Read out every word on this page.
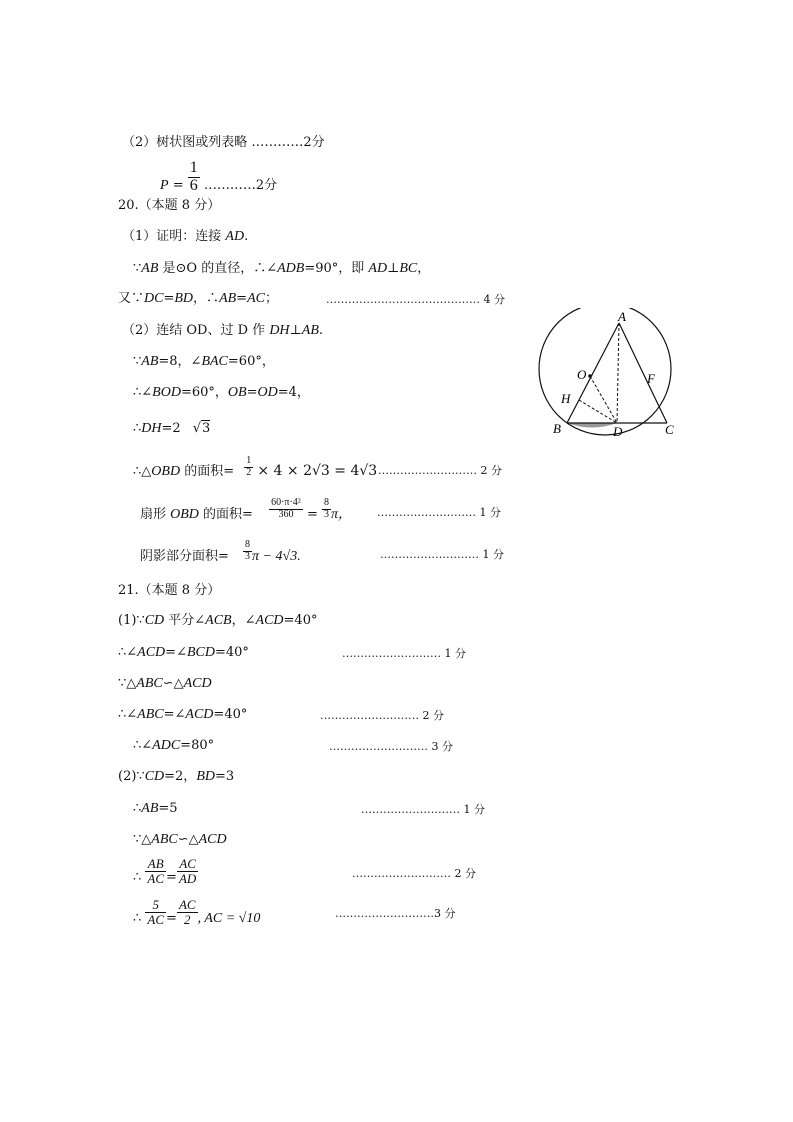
（2）树状图或列表略 …………2分
$P = \frac{1}{6}$ …………2分
20.（本题 8 分）
（1）证明：连接 AD.
∵AB 是⊙O 的直径，∴∠ADB=90°，即 AD⊥BC，
又∵DC=BD，∴AB=AC；	…………………………………… 4 分
（2）连结 OD、过 D 作 DH⊥AB.
∵AB=8，∠BAC=60°，
∴∠BOD=60°，OB=OD=4，
∴DH=2 √3
∴△OBD 的面积= $\frac{1}{2} \times 4 \times 2√3 = 4√3$ ……………………… 2 分
扇形 OBD 的面积= $\frac{\text{60·π·4²}}{360} = \frac{8}{3}$ π， ……………………… 1 分
阴影部分面积= $\frac{8}{3}$ π − 4√3.	……………………… 1 分
A
O	F
H
B	D	C
21.（本题 8 分）
(1)∵CD 平分∠ACB，∠ACD=40°
∴∠ACD=∠BCD=40°	……………………… 1 分
∵△ABC∽△ACD
∴∠ABC=∠ACD=40°	……………………… 2 分
∴∠ADC=80°	……………………… 3 分
(2)∵CD=2，BD=3
∴AB=5	……………………… 1 分
∵△ABC∽△ACD
∴ $\frac{AB}{AC} = \frac{AC}{AD}$	……………………… 2 分
∴ $\frac{5}{AC} = \frac{AC}{2}$ , AC = √10	………………………3 分
